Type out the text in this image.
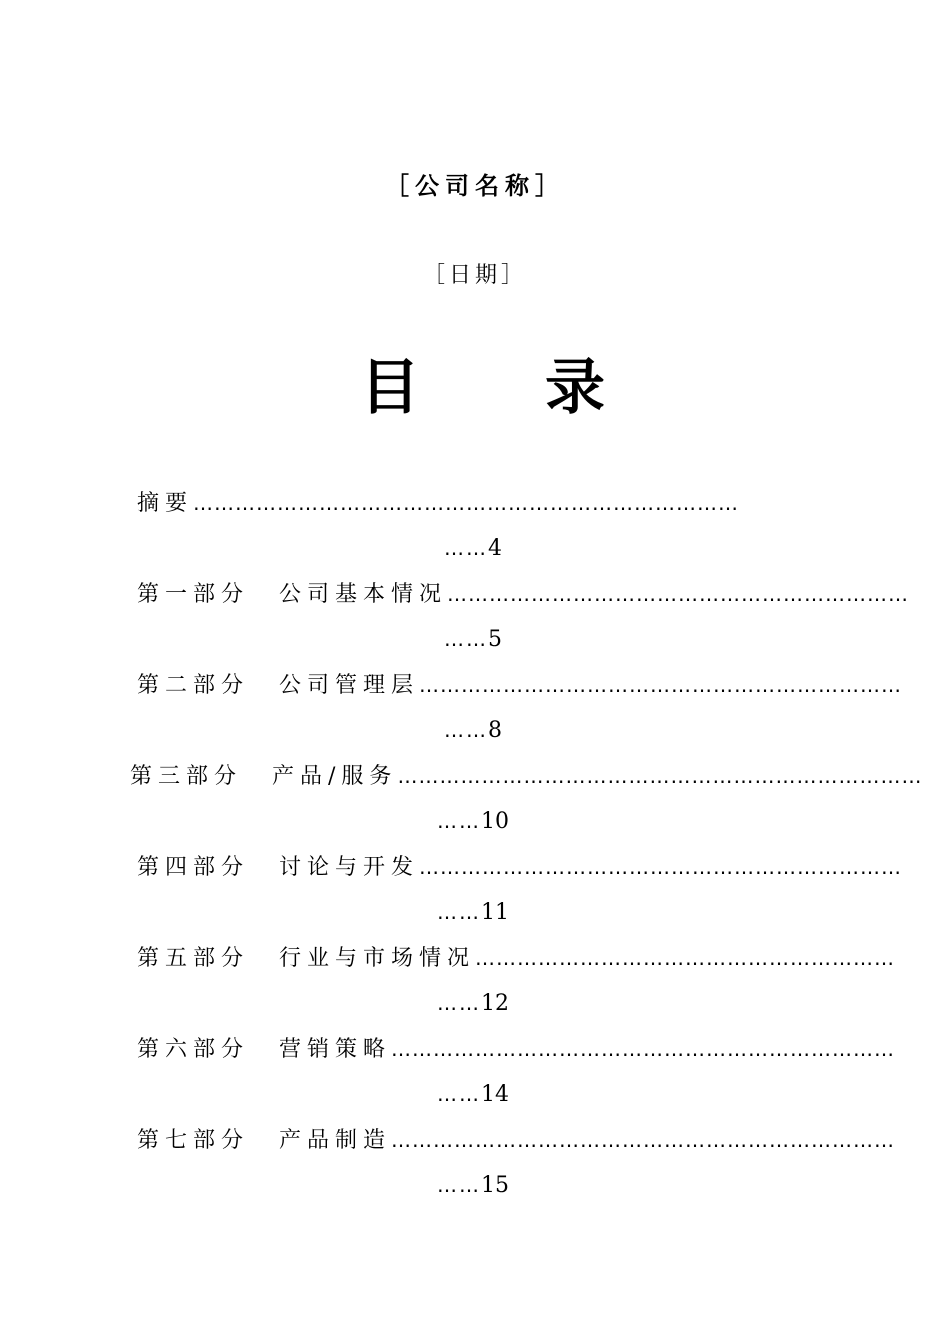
［公司名称］
［日期］
目 录
摘要……………………………………………………………………
……4
第一部分 公司基本情况…………………………………………………………
……5
第二部分 公司管理层……………………………………………………………
……8
第三部分 产品/服务…………………………………………………………………
……10
第四部分 讨论与开发……………………………………………………………
……11
第五部分 行业与市场情况……………………………………………………
……12
第六部分 营销策略………………………………………………………………
……14
第七部分 产品制造………………………………………………………………
……15
